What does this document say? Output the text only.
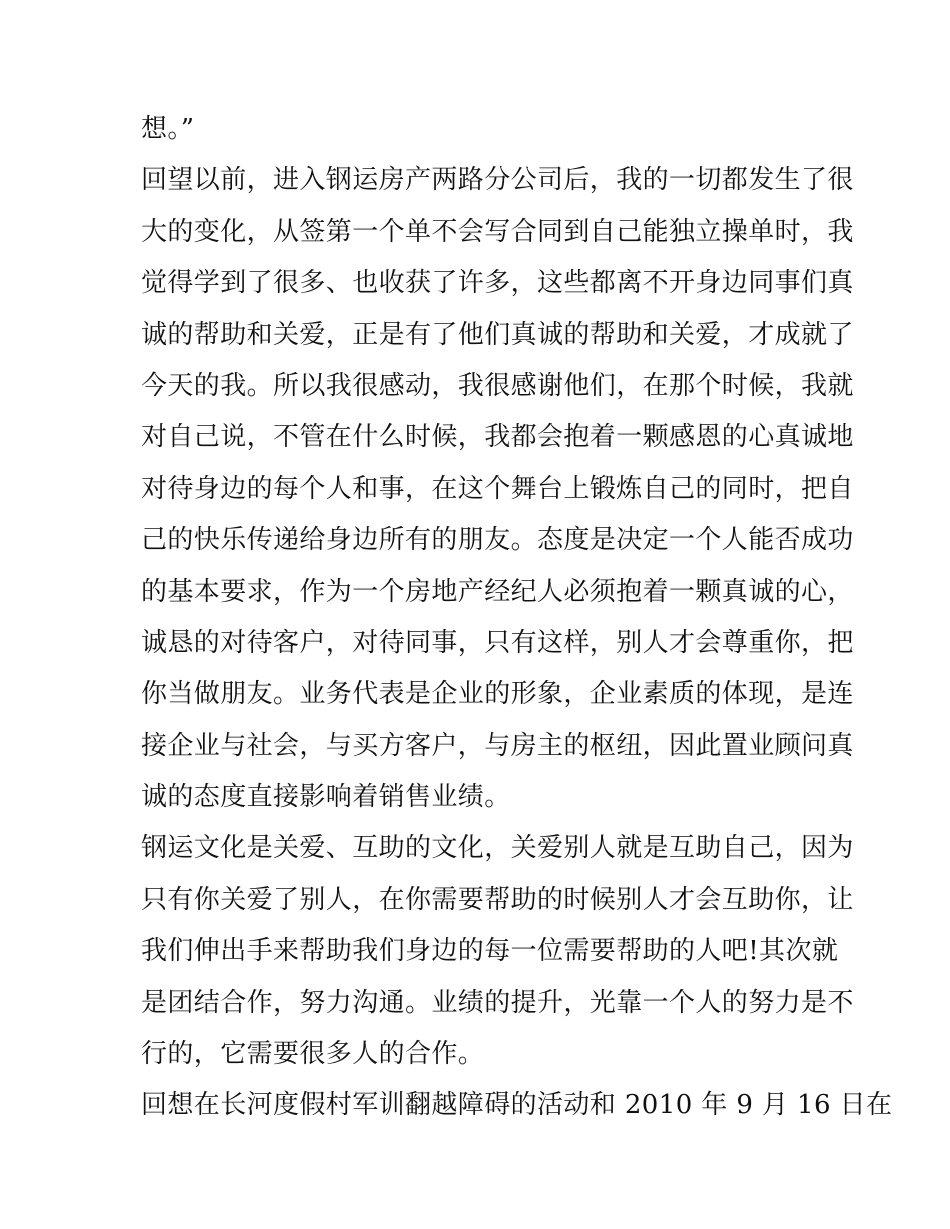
想。”
回望以前，进入钢运房产两路分公司后，我的一切都发生了很
大的变化，从签第一个单不会写合同到自己能独立操单时，我
觉得学到了很多、也收获了许多，这些都离不开身边同事们真
诚的帮助和关爱，正是有了他们真诚的帮助和关爱，才成就了
今天的我。所以我很感动，我很感谢他们，在那个时候，我就
对自己说，不管在什么时候，我都会抱着一颗感恩的心真诚地
对待身边的每个人和事，在这个舞台上锻炼自己的同时，把自
己的快乐传递给身边所有的朋友。态度是决定一个人能否成功
的基本要求，作为一个房地产经纪人必须抱着一颗真诚的心，
诚恳的对待客户，对待同事，只有这样，别人才会尊重你，把
你当做朋友。业务代表是企业的形象，企业素质的体现，是连
接企业与社会，与买方客户，与房主的枢纽，因此置业顾问真
诚的态度直接影响着销售业绩。
钢运文化是关爱、互助的文化，关爱别人就是互助自己，因为
只有你关爱了别人，在你需要帮助的时候别人才会互助你，让
我们伸出手来帮助我们身边的每一位需要帮助的人吧!其次就
是团结合作，努力沟通。业绩的提升，光靠一个人的努力是不
行的，它需要很多人的合作。
回想在长河度假村军训翻越障碍的活动和 2010 年 9 月 16 日在
